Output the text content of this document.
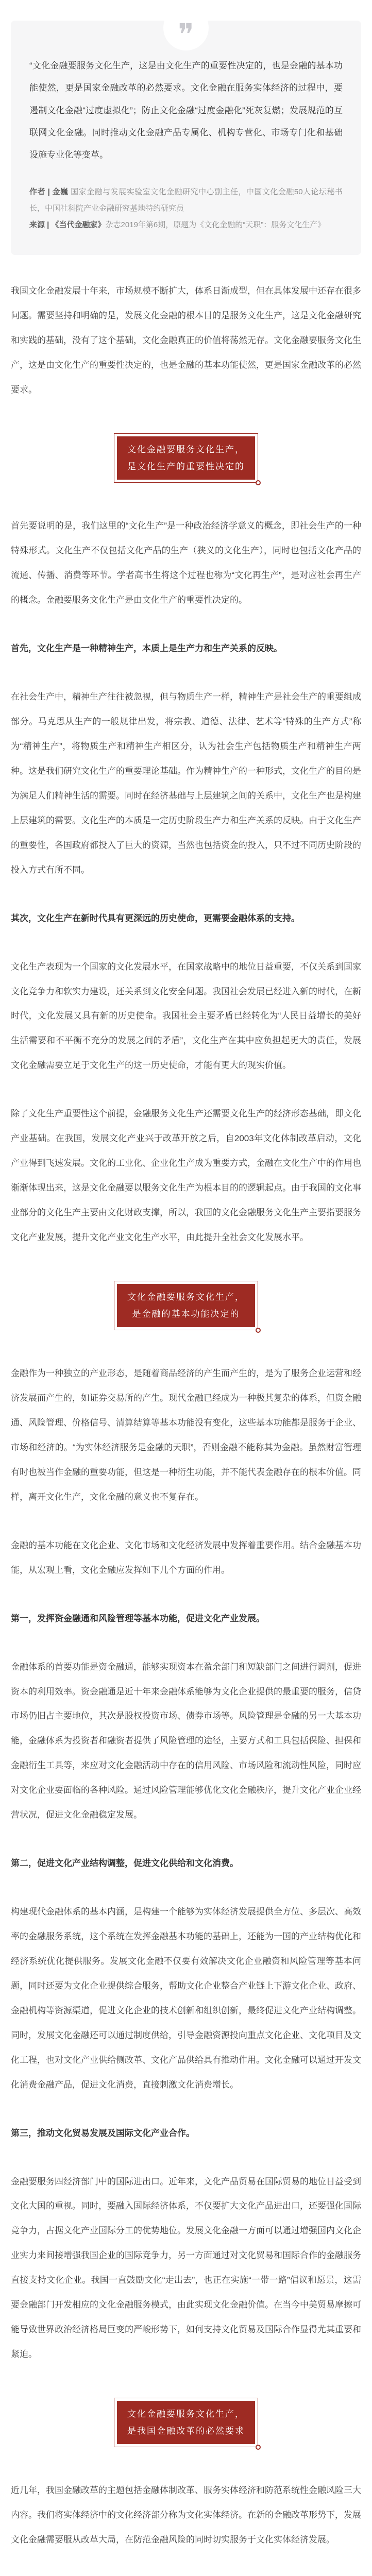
❞
“文化金融要服务文化生产，这是由文化生产的重要性决定的，也是金融的基本功能使然，更是国家金融改革的必然要求。文化金融在服务实体经济的过程中，要遏制文化金融“过度虚拟化”；防止文化金融“过度金融化”死灰复燃；发展规范的互联网文化金融。同时推动文化金融产品专属化、机构专营化、市场专门化和基础设施专业化等变革。
作者 | 金巍 国家金融与发展实验室文化金融研究中心副主任，中国文化金融50人论坛秘书长，中国社科院产业金融研究基地特约研究员
来源 | 《当代金融家》杂志2019年第6期，原题为《文化金融的“天职”：服务文化生产》

我国文化金融发展十年来，市场规模不断扩大，体系日渐成型，但在具体发展中还存在很多问题。需要坚持和明确的是，发展文化金融的根本目的是服务文化生产，这是文化金融研究和实践的基础，没有了这个基础，文化金融真正的价值将荡然无存。文化金融要服务文化生产，这是由文化生产的重要性决定的，也是金融的基本功能使然，更是国家金融改革的必然要求。

文化金融要服务文化生产，
是文化生产的重要性决定的

首先要说明的是，我们这里的“文化生产”是一种政治经济学意义的概念，即社会生产的一种特殊形式。文化生产不仅包括文化产品的生产（狭义的文化生产），同时也包括文化产品的流通、传播、消费等环节。学者高书生将这个过程也称为“文化再生产”，是对应社会再生产的概念。金融要服务文化生产是由文化生产的重要性决定的。

首先，文化生产是一种精神生产，本质上是生产力和生产关系的反映。

在社会生产中，精神生产往往被忽视，但与物质生产一样，精神生产是社会生产的重要组成部分。马克思从生产的一般规律出发，将宗教、道德、法律、艺术等“特殊的生产方式”称为“精神生产”，将物质生产和精神生产相区分，认为社会生产包括物质生产和精神生产两种。这是我们研究文化生产的重要理论基础。作为精神生产的一种形式，文化生产的目的是为满足人们精神生活的需要。同时在经济基础与上层建筑之间的关系中，文化生产也是构建上层建筑的需要。文化生产的本质是一定历史阶段生产力和生产关系的反映。由于文化生产的重要性，各国政府都投入了巨大的资源，当然也包括资金的投入，只不过不同历史阶段的投入方式有所不同。

其次，文化生产在新时代具有更深远的历史使命，更需要金融体系的支持。

文化生产表现为一个国家的文化发展水平，在国家战略中的地位日益重要，不仅关系到国家文化竞争力和软实力建设，还关系到文化安全问题。我国社会发展已经进入新的时代，在新时代，文化发展又具有新的历史使命。我国社会主要矛盾已经转化为“人民日益增长的美好生活需要和不平衡不充分的发展之间的矛盾”，文化生产在其中应负担起更大的责任，发展文化金融需要立足于文化生产的这一历史使命，才能有更大的现实价值。

除了文化生产重要性这个前提，金融服务文化生产还需要文化生产的经济形态基础，即文化产业基础。在我国，发展文化产业兴于改革开放之后，自2003年文化体制改革启动，文化产业得到飞速发展。文化的工业化、企业化生产成为重要方式，金融在文化生产中的作用也渐渐体现出来，这是文化金融要以服务文化生产为根本目的的逻辑起点。由于我国的文化事业部分的文化生产主要由文化财政支撑，所以，我国的文化金融服务文化生产主要指要服务文化产业发展，提升文化产业文化生产水平，由此提升全社会文化发展水平。

文化金融要服务文化生产，
是金融的基本功能决定的

金融作为一种独立的产业形态，是随着商品经济的产生而产生的，是为了服务企业运营和经济发展而产生的，如证券交易所的产生。现代金融已经成为一种极其复杂的体系，但资金融通、风险管理、价格信号、清算结算等基本功能没有变化，这些基本功能都是服务于企业、市场和经济的。“为实体经济服务是金融的天职”，否则金融不能称其为金融。虽然财富管理有时也被当作金融的重要功能，但这是一种衍生功能，并不能代表金融存在的根本价值。同样，离开文化生产，文化金融的意义也不复存在。

金融的基本功能在文化企业、文化市场和文化经济发展中发挥着重要作用。结合金融基本功能，从宏观上看，文化金融应发挥如下几个方面的作用。

第一，发挥资金融通和风险管理等基本功能，促进文化产业发展。

金融体系的首要功能是资金融通，能够实现资本在盈余部门和短缺部门之间进行调剂，促进资本的利用效率。资金融通是近十年来金融体系能够为文化企业提供的最重要的服务，信贷市场仍旧占主要地位，其次是股权投资市场、债券市场等。风险管理是金融的另一大基本功能，金融体系为投资者和融资者提供了风险管理的途径，主要方式和工具包括保险、担保和金融衍生工具等，来应对文化金融活动中存在的信用风险、市场风险和流动性风险，同时应对文化企业要面临的各种风险。通过风险管理能够优化文化金融秩序，提升文化产业企业经营状况，促进文化金融稳定发展。

第二，促进文化产业结构调整，促进文化供给和文化消费。

构建现代金融体系的基本内涵，是构建一个能够为实体经济发展提供全方位、多层次、高效率的金融服务系统，这个系统在发挥金融基本功能的基础上，还能为一国的产业结构优化和经济系统优化提供服务。发展文化金融不仅要有效解决文化企业融资和风险管理等基本问题，同时还要为文化企业提供综合服务，帮助文化企业整合产业链上下游文化企业、政府、金融机构等资源渠道，促进文化企业的技术创新和组织创新，最终促进文化产业结构调整。同时，发展文化金融还可以通过制度供给，引导金融资源投向重点文化企业、文化项目及文化工程，也对文化产业供给侧改革、文化产品供给具有推动作用。文化金融可以通过开发文化消费金融产品，促进文化消费，直接刺激文化消费增长。

第三，推动文化贸易发展及国际文化产业合作。

金融要服务四经济部门中的国际进出口。近年来，文化产品贸易在国际贸易的地位日益受到文化大国的重视。同时，要融入国际经济体系，不仅要扩大文化产品进出口，还要强化国际竞争力，占据文化产业国际分工的优势地位。发展文化金融一方面可以通过增强国内文化企业实力来间接增强我国企业的国际竞争力，另一方面通过对文化贸易和国际合作的金融服务直接支持文化企业。我国一直鼓励文化“走出去”，也正在实施“一带一路”倡议和愿景，这需要金融部门开发相应的文化金融服务模式，由此实现文化金融价值。在当今中美贸易摩擦可能导致世界政治经济格局巨变的严峻形势下，如何支持文化贸易及国际合作显得尤其重要和紧迫。

文化金融要服务文化生产，
是我国金融改革的必然要求

近几年，我国金融改革的主题包括金融体制改革、服务实体经济和防范系统性金融风险三大内容。我们将实体经济中的文化经济部分称为文化实体经济。在新的金融改革形势下，发展文化金融需要服从改革大局，在防范金融风险的同时切实服务于文化实体经济发展。
